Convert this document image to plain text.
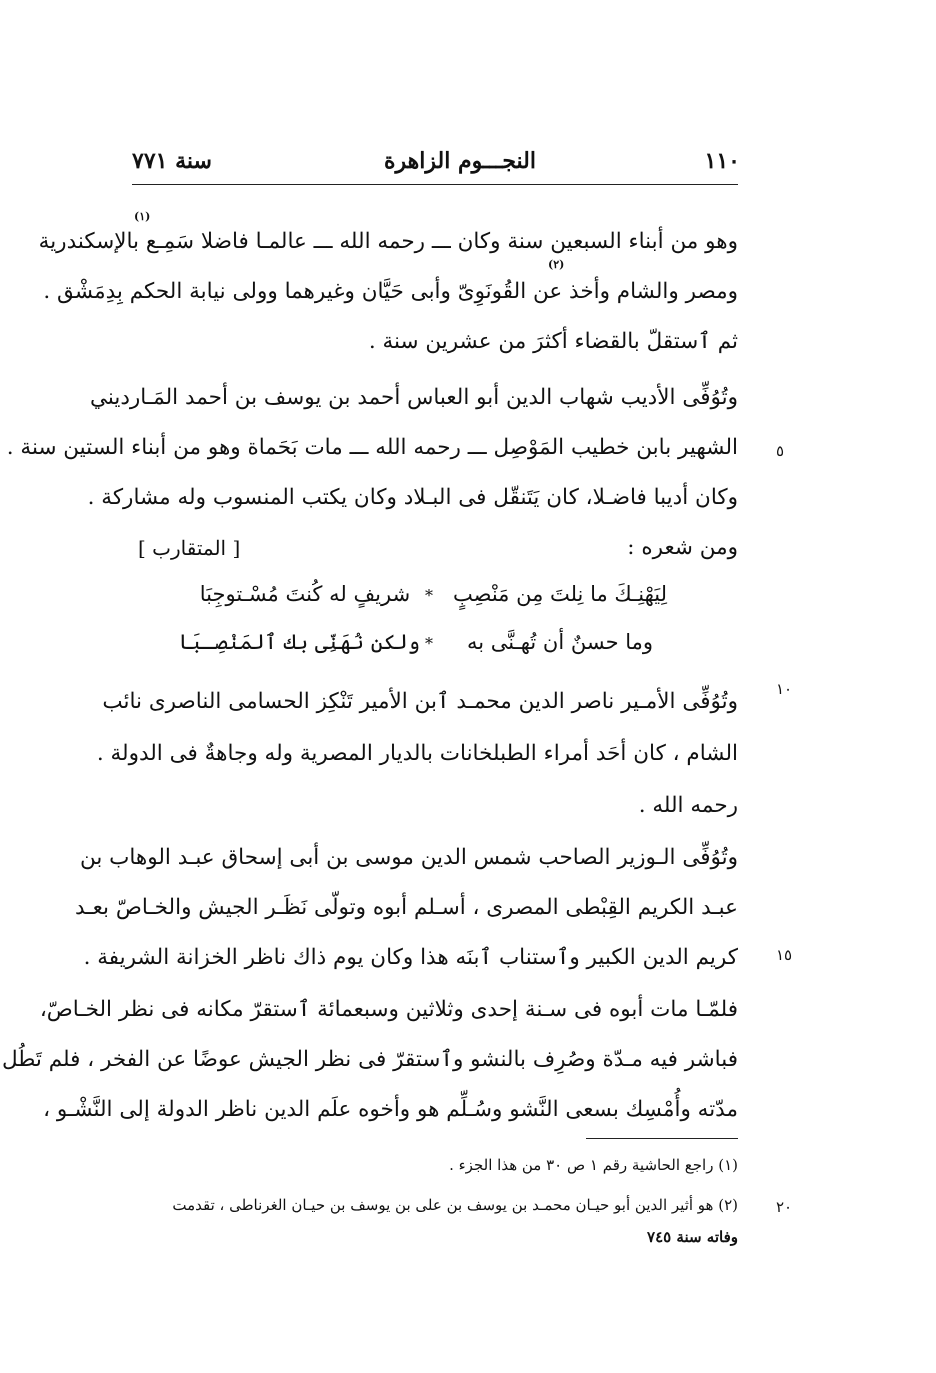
١١٠
النجـــوم الزاهرة
سنة ٧٧١
(١)
(٢)
وهو من أبناء السبعين سنة وكان ـــ رحمه الله ـــ عالمـا فاضلا سَمِـع بالإسكندرية
ومصر والشام وأخذ عن القُونَوِىّ وأبى حَيَّان وغيرهما وولى نيابة الحكم بِدِمَشْق .
ثم ٱستقلّ بالقضاء أكثرَ من عشرين سنة .
وتُوُفِّى الأديب شهاب الدين أبو العباس أحمد بن يوسف بن أحمد المَـارديني
الشهير بابن خطيب المَوْصِل ـــ رحمه الله ـــ مات بَحَماة وهو من أبناء الستين سنة .
وكان أديبا فاضـلا، كان يَتَنقّل فى البـلاد وكان يكتب المنسوب وله مشاركة .
ومن شعره :
[ المتقارب ]
لِيَهْنِـكَ ما نِلتَ مِن مَنْصِبٍ
*
شريفٍ له كُنتَ مُسْـتوجِبَا
وما حسنٌ أن تُهـنَّى به
*
ولكن نُهَنِّى بك ٱلمَنْصِـبَا
وتُوُفِّى الأمـير ناصر الدين محمـد ٱبن الأمير تَنْكِز الحسامى الناصرى نائب
الشام ، كان أحَد أمراء الطبلخانات بالديار المصرية وله وجاهةٌ فى الدولة .
رحمه الله .
وتُوُفِّى الـوزير الصاحب شمس الدين موسى بن أبى إسحاق عبـد الوهاب بن
عبـد الكريم القِبْطى المصرى ، أسـلم أبوه وتولّى نَظَـر الجيش والخـاصّ بعـد
كريم الدين الكبير وٱستناب ٱبنَه هذا وكان يوم ذاك ناظر الخزانة الشريفة .
فلمّـا مات أبوه فى سـنة إحدى وثلاثين وسبعمائة ٱستقرّ مكانه فى نظر الخـاصّ،
فباشر فيه مـدّة وصُرِف بالنشو وٱستقرّ فى نظر الجيش عوضًا عن الفخر ، فلم تَطُل
مدّته وأُمْسِك بسعى النَّشو وسُـلِّم هو وأخوه علَم الدين ناظر الدولة إلى النَّشْـو ،
٥
١٠
١٥
٢٠
(١) راجع الحاشية رقم ١ ص ٣٠ من هذا الجزء .
(٢) هو أثير الدين أبو حيـان محمـد بن يوسف بن على بن يوسف بن حيـان الغرناطى ، تقدمت
وفاته سنة ٧٤٥
